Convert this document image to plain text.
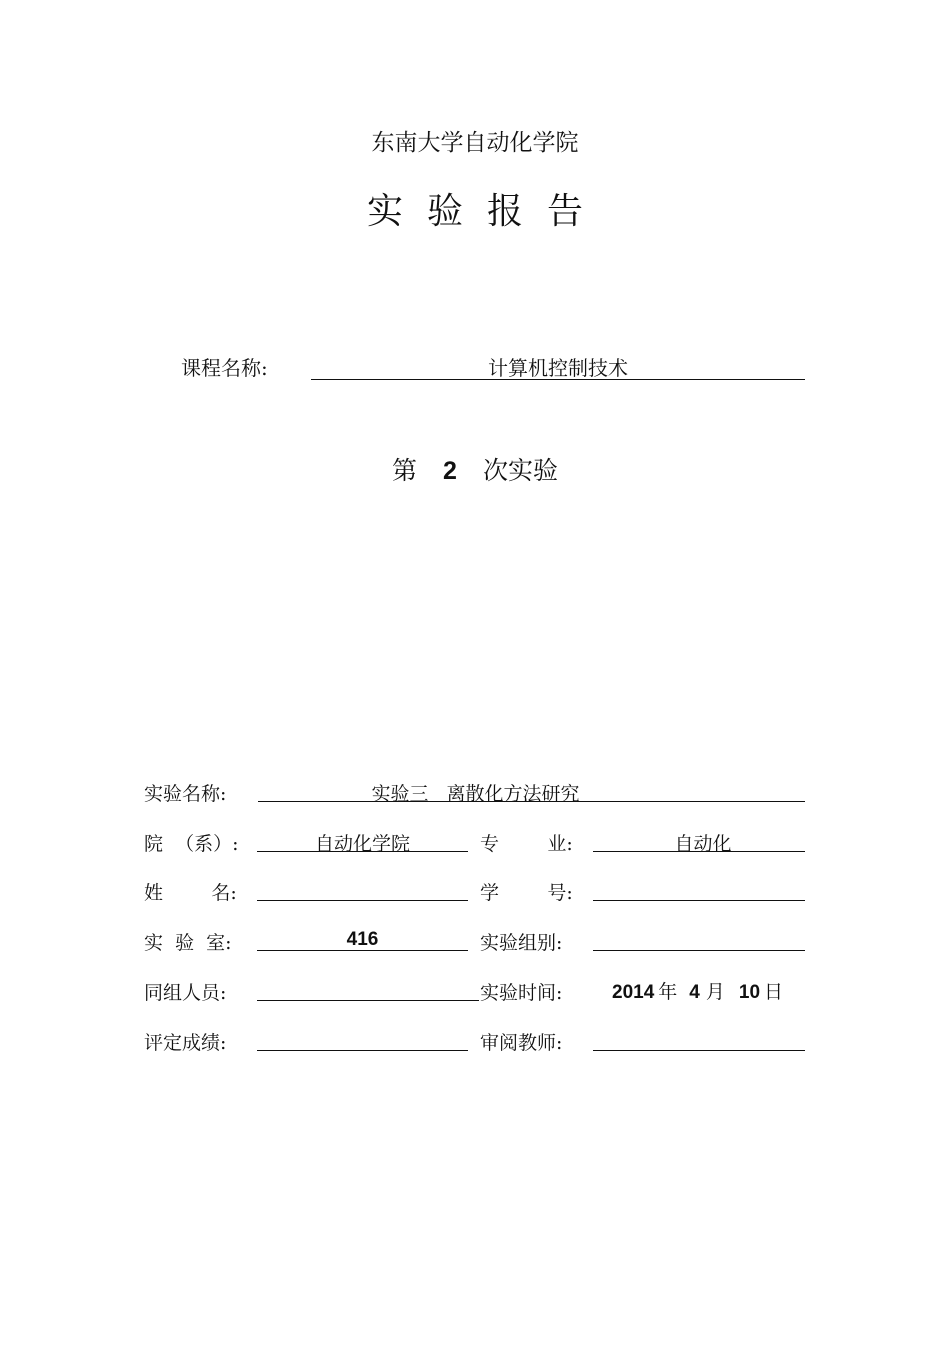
东南大学自动化学院
实验报告
课程名称:	计算机控制技术
第 2 次实验
实验名称:	实验三   离散化方法研究
院  （系）:	自动化学院	专        业:	自动化
姓        名:	学        号:
实  验  室:	416	实验组别:
同组人员:	实验时间:	2014 年 4 月 10 日
评定成绩:	审阅教师:
